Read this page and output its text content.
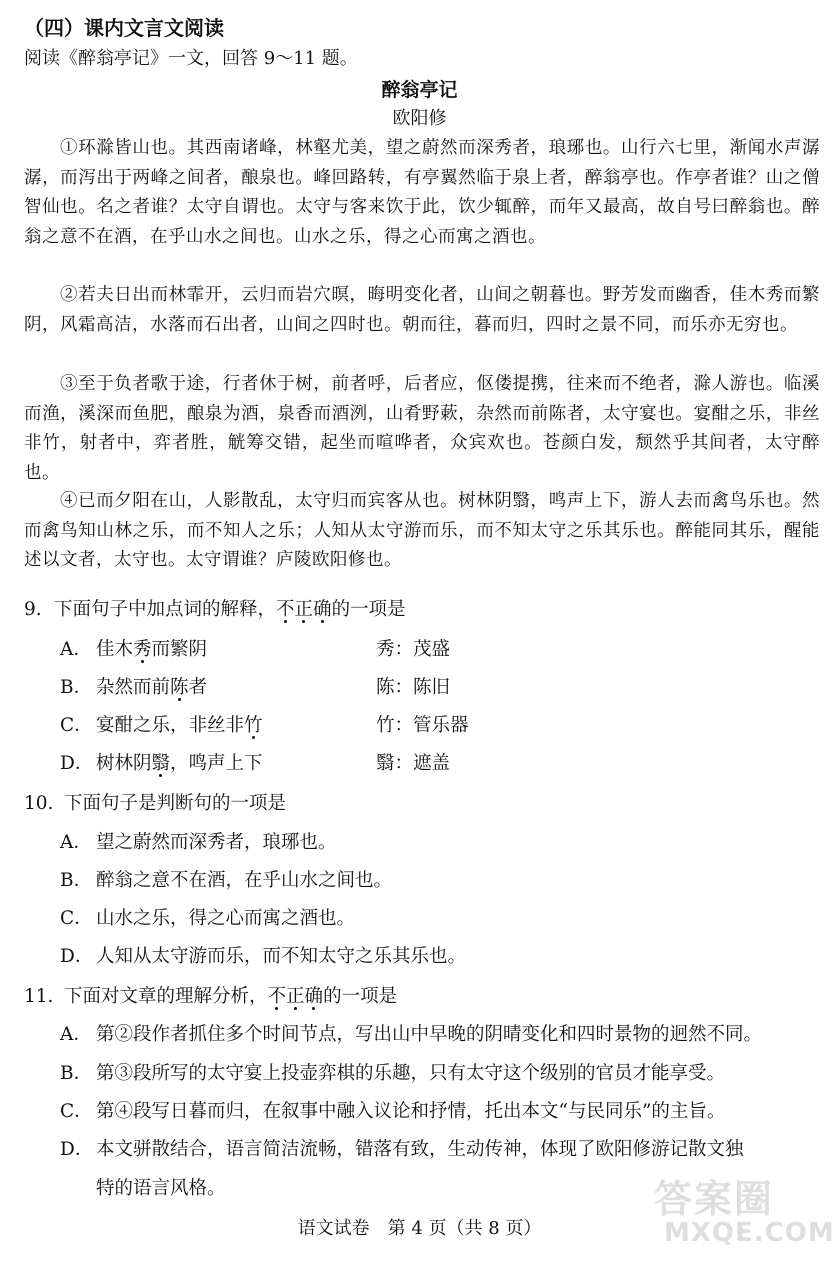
（四）课内文言文阅读
阅读《醉翁亭记》一文，回答 9～11 题。
醉翁亭记
欧阳修
①环滁皆山也。其西南诸峰，林壑尤美，望之蔚然而深秀者，琅琊也。山行六七里，渐闻水声潺潺，而泻出于两峰之间者，酿泉也。峰回路转，有亭翼然临于泉上者，醉翁亭也。作亭者谁？山之僧智仙也。名之者谁？太守自谓也。太守与客来饮于此，饮少辄醉，而年又最高，故自号曰醉翁也。醉翁之意不在酒，在乎山水之间也。山水之乐，得之心而寓之酒也。
②若夫日出而林霏开，云归而岩穴暝，晦明变化者，山间之朝暮也。野芳发而幽香，佳木秀而繁阴，风霜高洁，水落而石出者，山间之四时也。朝而往，暮而归，四时之景不同，而乐亦无穷也。
③至于负者歌于途，行者休于树，前者呼，后者应，伛偻提携，往来而不绝者，滁人游也。临溪而渔，溪深而鱼肥，酿泉为酒，泉香而酒洌，山肴野蔌，杂然而前陈者，太守宴也。宴酣之乐，非丝非竹，射者中，弈者胜，觥筹交错，起坐而喧哗者，众宾欢也。苍颜白发，颓然乎其间者，太守醉也。
④已而夕阳在山，人影散乱，太守归而宾客从也。树林阴翳，鸣声上下，游人去而禽鸟乐也。然而禽鸟知山林之乐，而不知人之乐；人知从太守游而乐，而不知太守之乐其乐也。醉能同其乐，醒能述以文者，太守也。太守谓谁？庐陵欧阳修也。
9. 下面句子中加点词的解释，不正确的一项是
A． 佳木秀而繁阴	秀：茂盛
B． 杂然而前陈者	陈：陈旧
C． 宴酣之乐，非丝非竹	竹：管乐器
D． 树林阴翳，鸣声上下	翳：遮盖
10. 下面句子是判断句的一项是
A． 望之蔚然而深秀者，琅琊也。
B． 醉翁之意不在酒，在乎山水之间也。
C． 山水之乐，得之心而寓之酒也。
D． 人知从太守游而乐，而不知太守之乐其乐也。
11. 下面对文章的理解分析，不正确的一项是
A． 第②段作者抓住多个时间节点，写出山中早晚的阴晴变化和四时景物的迥然不同。
B． 第③段所写的太守宴上投壶弈棋的乐趣，只有太守这个级别的官员才能享受。
C． 第④段写日暮而归，在叙事中融入议论和抒情，托出本文“与民同乐”的主旨。
D． 本文骈散结合，语言简洁流畅，错落有致，生动传神，体现了欧阳修游记散文独
特的语言风格。
语文试卷　第 4 页（共 8 页）
答案圈
MXQE.COM
